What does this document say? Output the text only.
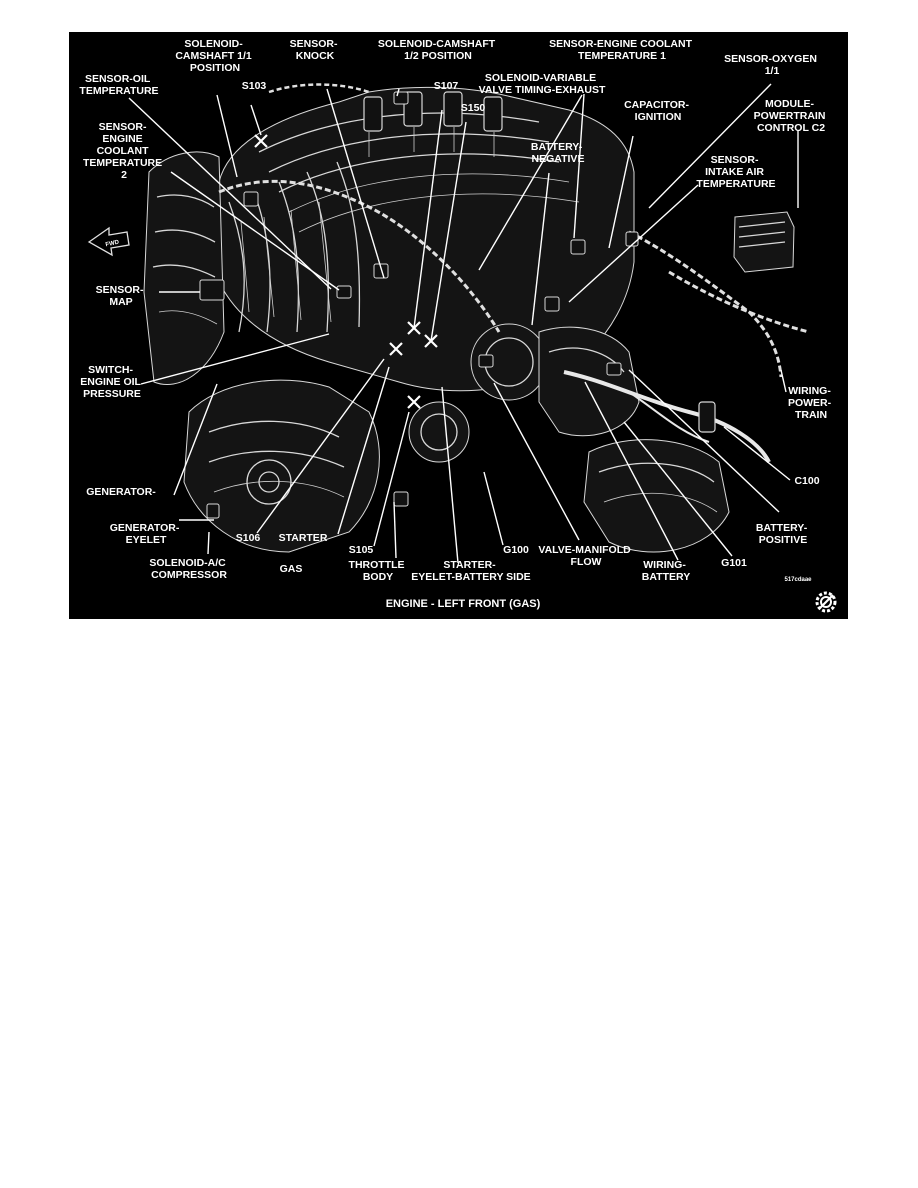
FWD
SOLENOID- CAMSHAFT 1/1 POSITION
SENSOR- KNOCK
SOLENOID-CAMSHAFT 1/2 POSITION
SENSOR-ENGINE COOLANT TEMPERATURE 1	SENSOR-OXYGEN 1/1
SENSOR-OIL TEMPERATURE	S103	S107
SOLENOID-VARIABLE VALVE TIMING-EXHAUST
S150	CAPACITOR- IGNITION
MODULE- POWERTRAIN CONTROL C2
SENSOR- ENGINE COOLANT TEMPERATURE 2
BATTERY- NEGATIVE	SENSOR- INTAKE AIR TEMPERATURE
SENSOR- MAP
SWITCH- ENGINE OIL PRESSURE	WIRING- POWER- TRAIN
C100
GENERATOR-
GENERATOR- EYELET
BATTERY- POSITIVE
S106 STARTER
S105	G100 VALVE-MANIFOLD FLOW	G101
SOLENOID-A/C COMPRESSOR	GAS	THROTTLE BODY
STARTER- EYELET-BATTERY SIDE
WIRING- BATTERY	517cdaae
ENGINE - LEFT FRONT (GAS)
